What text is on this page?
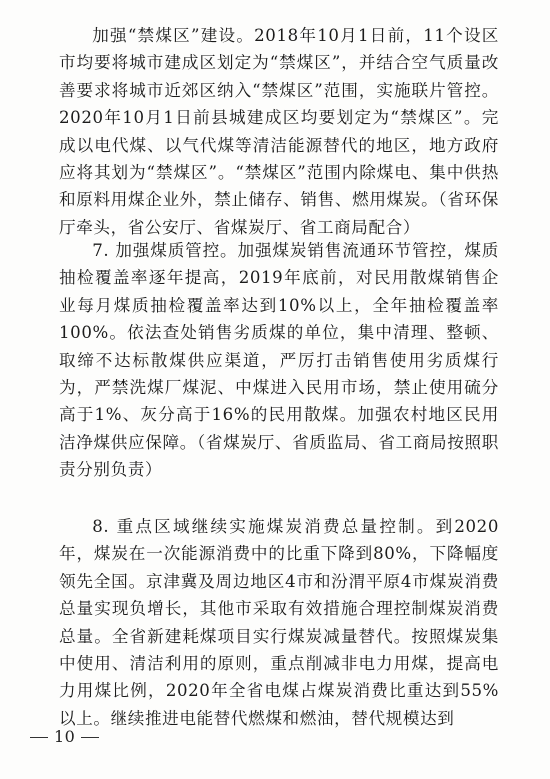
加强“禁煤区”建设。2018年10月1日前，11个设区市均要将城市建成区划定为“禁煤区”，并结合空气质量改善要求将城市近郊区纳入“禁煤区”范围，实施联片管控。2020年10月1日前县城建成区均要划定为“禁煤区”。完成以电代煤、以气代煤等清洁能源替代的地区，地方政府应将其划为“禁煤区”。“禁煤区”范围内除煤电、集中供热和原料用煤企业外，禁止储存、销售、燃用煤炭。（省环保厅牵头，省公安厅、省煤炭厅、省工商局配合）

7. 加强煤质管控。加强煤炭销售流通环节管控，煤质抽检覆盖率逐年提高，2019年底前，对民用散煤销售企业每月煤质抽检覆盖率达到10%以上，全年抽检覆盖率100%。依法查处销售劣质煤的单位，集中清理、整顿、取缔不达标散煤供应渠道，严厉打击销售使用劣质煤行为，严禁洗煤厂煤泥、中煤进入民用市场，禁止使用硫分高于1%、灰分高于16%的民用散煤。加强农村地区民用洁净煤供应保障。（省煤炭厅、省质监局、省工商局按照职责分别负责）

8. 重点区域继续实施煤炭消费总量控制。到2020年，煤炭在一次能源消费中的比重下降到80%，下降幅度领先全国。京津冀及周边地区4市和汾渭平原4市煤炭消费总量实现负增长，其他市采取有效措施合理控制煤炭消费总量。全省新建耗煤项目实行煤炭减量替代。按照煤炭集中使用、清洁利用的原则，重点削减非电力用煤，提高电力用煤比例，2020年全省电煤占煤炭消费比重达到55%以上。继续推进电能替代燃煤和燃油，替代规模达到

10
